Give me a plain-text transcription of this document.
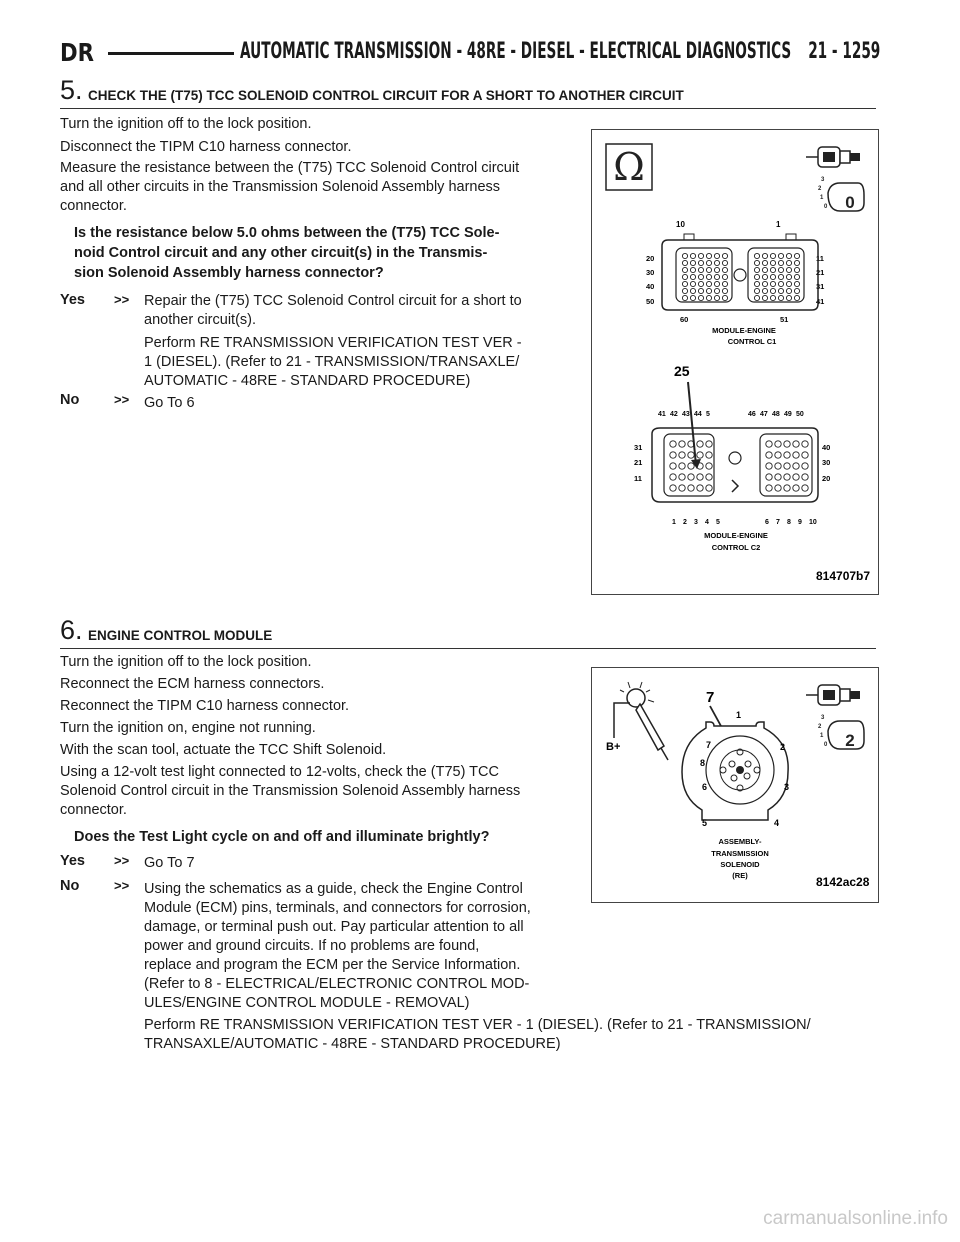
DR	AUTOMATIC TRANSMISSION - 48RE - DIESEL - ELECTRICAL DIAGNOSTICS 21 - 1259
5. CHECK THE (T75) TCC SOLENOID CONTROL CIRCUIT FOR A SHORT TO ANOTHER CIRCUIT

Turn the ignition off to the lock position.

Disconnect the TIPM C10 harness connector.

Measure the resistance between the (T75) TCC Solenoid Control circuit

and all other circuits in the Transmission Solenoid Assembly harness

connector.

Is the resistance below 5.0 ohms between the (T75) TCC Sole-

noid Control circuit and any other circuit(s) in the Transmis-

sion Solenoid Assembly harness connector?

Yes >> Repair the (T75) TCC Solenoid Control circuit for a short to

another circuit(s).

Perform RE TRANSMISSION VERIFICATION TEST VER -

1 (DIESEL). (Refer to 21 - TRANSMISSION/TRANSAXLE/

AUTOMATIC - 48RE - STANDARD PROCEDURE)

No	>> Go To 6

Ω	3
2
1
0 0
10	1
20
30
40
50
11
21
31
41
60	51
MODULE-ENGINE
CONTROL C1
25
41 42 43 44 5	46 47 48 49 50
31
21
11
40
30
20
1 2 3 4 5	6 7 8 9 10
MODULE-ENGINE
CONTROL C2
814707b7
6. ENGINE CONTROL MODULE

Turn the ignition off to the lock position.

Reconnect the ECM harness connectors.

Reconnect the TIPM C10 harness connector.

Turn the ignition on, engine not running.

With the scan tool, actuate the TCC Shift Solenoid.

Using a 12-volt test light connected to 12-volts, check the (T75) TCC

Solenoid Control circuit in the Transmission Solenoid Assembly harness

connector.

Does the Test Light cycle on and off and illuminate brightly?

Yes >> Go To 7

No	>> Using the schematics as a guide, check the Engine Control

Module (ECM) pins, terminals, and connectors for corrosion,

damage, or terminal push out. Pay particular attention to all

power and ground circuits. If no problems are found,

replace and program the ECM per the Service Information.

(Refer to 8 - ELECTRICAL/ELECTRONIC CONTROL MOD-

ULES/ENGINE CONTROL MODULE - REMOVAL)

Perform RE TRANSMISSION VERIFICATION TEST VER - 1 (DIESEL). (Refer to 21 - TRANSMISSION/

TRANSAXLE/AUTOMATIC - 48RE - STANDARD PROCEDURE)

B+
3
2
1
0 2
7
1
2
3
4
5
6
7
8
ASSEMBLY-
TRANSMISSION
SOLENOID
(RE)	8142ac28
carmanualsonline.info
